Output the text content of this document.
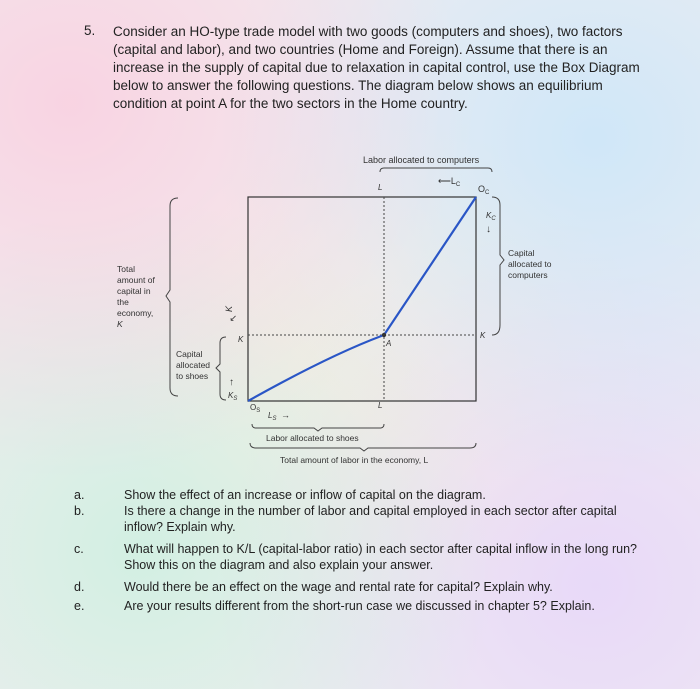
5. Consider an HO-type trade model with two goods (computers and shoes), two factors (capital and labor), and two countries (Home and Foreign). Assume that there is an increase in the supply of capital due to relaxation in capital control, use the Box Diagram below to answer the following questions. The diagram below shows an equilibrium condition at point A for the two sectors in the Home country.
Labor allocated to computers
L
$⟵L_C$ $O_C$
A
K	K
$K_C$
↓
Capital
allocated to
computers
Total
amount of
capital in
the
economy,
K
K
↖
Capital
allocated
to shoes
↑
$K_S$
$O_S$ $L_S$ →
L
Labor allocated to shoes
Total amount of labor in the economy, L
a.	Show the effect of an increase or inflow of capital on the diagram.
b.	Is there a change in the number of labor and capital employed in each sector after capital inflow? Explain why.
c.	What will happen to K/L (capital-labor ratio) in each sector after capital inflow in the long run? Show this on the diagram and also explain your answer.
d.	Would there be an effect on the wage and rental rate for capital? Explain why.
e.	Are your results different from the short-run case we discussed in chapter 5? Explain.
